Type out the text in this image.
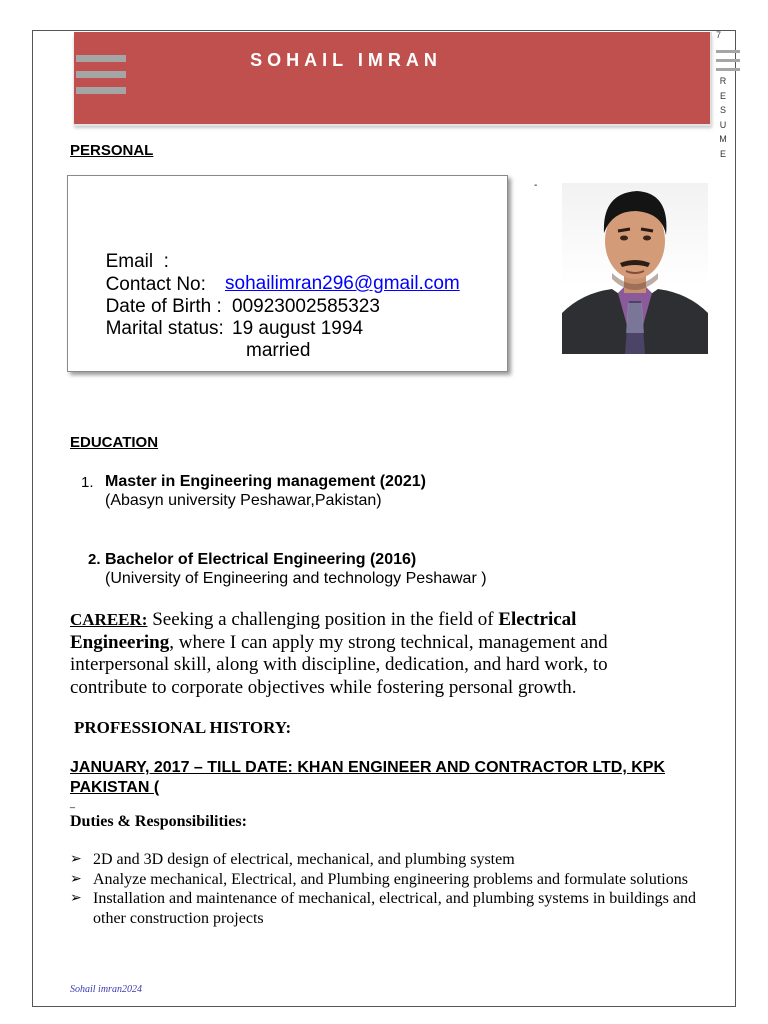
SOHAIL IMRAN
7
R
E
S
U
M
E
PERSONAL

Email  :

sohailimran296@gmail.com

Contact No:

00923002585323

Date of Birth :

19 august 1994

Marital status:

married

-
EDUCATION
1. Master in Engineering management (2021)
(Abasyn university Peshawar,Pakistan)
2. Bachelor of Electrical Engineering (2016)
(University of Engineering and technology Peshawar )
CAREER: Seeking a challenging position in the field of Electrical Engineering, where I can apply my strong technical, management and interpersonal skill, along with discipline, dedication, and hard work, to contribute to corporate objectives while fostering personal growth.
PROFESSIONAL HISTORY:
JANUARY, 2017 – TILL DATE: KHAN ENGINEER AND CONTRACTOR LTD, KPK PAKISTAN (
_
Duties & Responsibilities:
➢ 2D and 3D design of electrical, mechanical, and plumbing system
➢ Analyze mechanical, Electrical, and Plumbing engineering problems and formulate solutions
➢ Installation and maintenance of mechanical, electrical, and plumbing systems in buildings and other construction projects
Sohail imran2024
